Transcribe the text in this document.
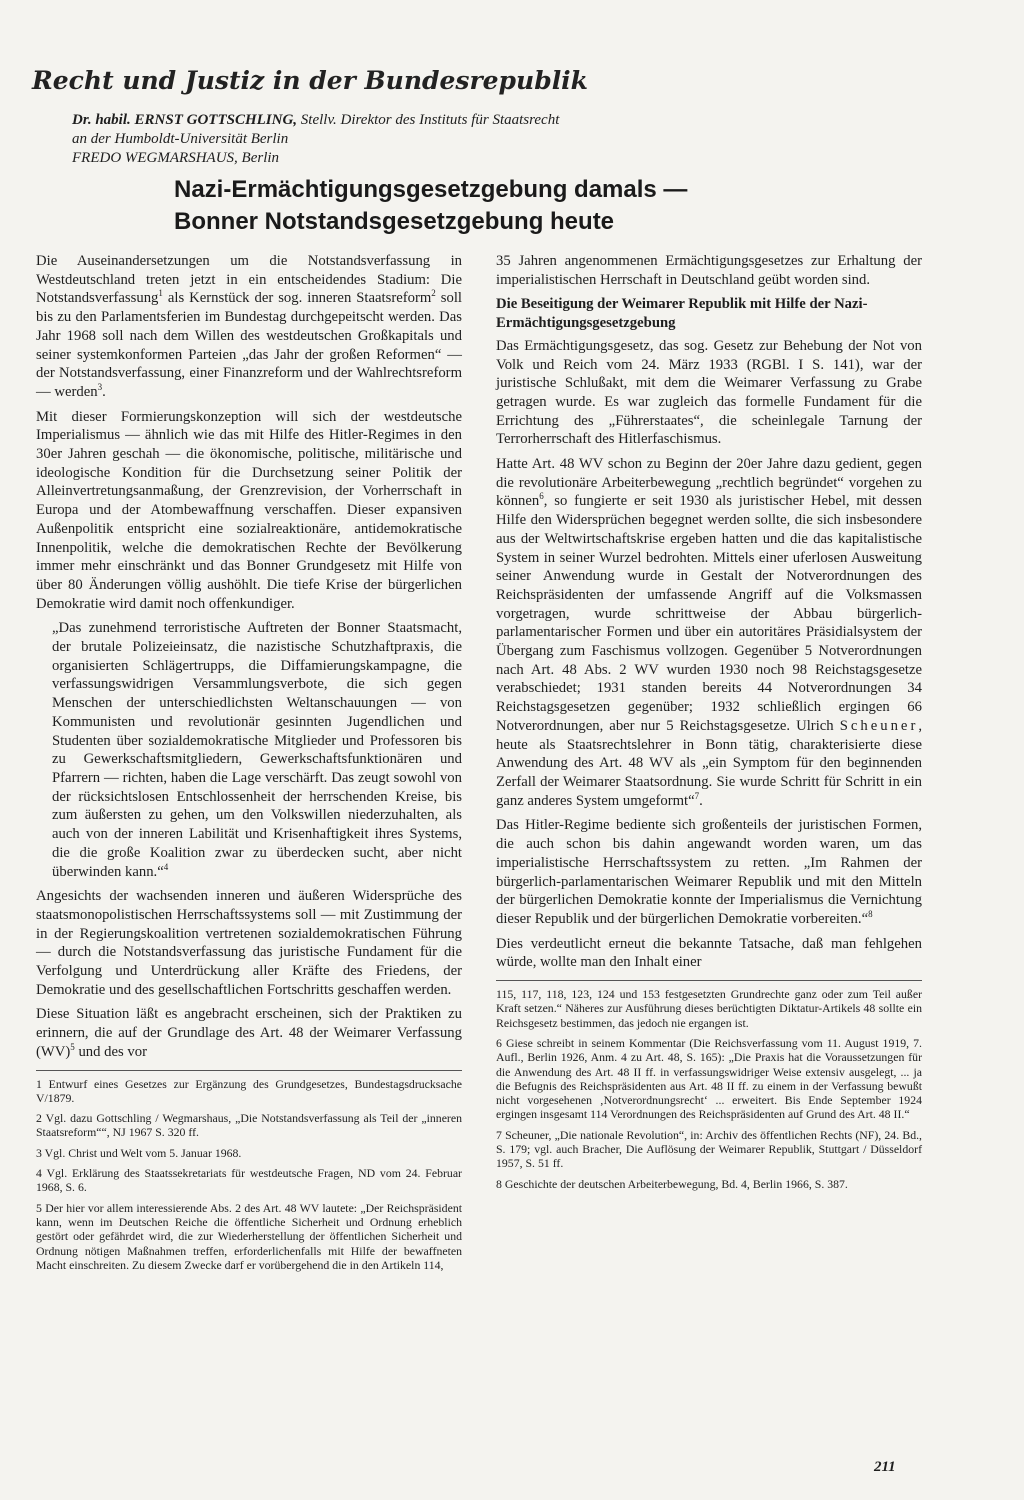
Recht und Justiz in der Bundesrepublik
Dr. habil. ERNST GOTTSCHLING, Stellv. Direktor des Instituts für Staatsrecht
an der Humboldt-Universität Berlin
FREDO WEGMARSHAUS, Berlin
Nazi-Ermächtigungsgesetzgebung damals —
Bonner Notstandsgesetzgebung heute

Die Auseinandersetzungen um die Notstandsverfassung in Westdeutschland treten jetzt in ein entscheidendes Stadium: Die Notstandsverfassung$^1$ als Kernstück der sog. inneren Staatsreform$^2$ soll bis zu den Parlamentsferien im Bundestag durchgepeitscht werden. Das Jahr 1968 soll nach dem Willen des westdeutschen Großkapitals und seiner systemkonformen Parteien „das Jahr der großen Reformen“ — der Notstandsverfassung, einer Finanzreform und der Wahlrechtsreform — werden$^3$.

Mit dieser Formierungskonzeption will sich der westdeutsche Imperialismus — ähnlich wie das mit Hilfe des Hitler-Regimes in den 30er Jahren geschah — die ökonomische, politische, militärische und ideologische Kondition für die Durchsetzung seiner Politik der Alleinvertretungsanmaßung, der Grenzrevision, der Vorherrschaft in Europa und der Atombewaffnung verschaffen. Dieser expansiven Außenpolitik entspricht eine sozialreaktionäre, antidemokratische Innenpolitik, welche die demokratischen Rechte der Bevölkerung immer mehr einschränkt und das Bonner Grundgesetz mit Hilfe von über 80 Änderungen völlig aushöhlt. Die tiefe Krise der bürgerlichen Demokratie wird damit noch offenkundiger.

„Das zunehmend terroristische Auftreten der Bonner Staatsmacht, der brutale Polizeieinsatz, die nazistische Schutzhaftpraxis, die organisierten Schlägertrupps, die Diffamierungskampagne, die verfassungswidrigen Versammlungsverbote, die sich gegen Menschen der unterschiedlichsten Weltanschauungen — von Kommunisten und revolutionär gesinnten Jugendlichen und Studenten über sozialdemokratische Mitglieder und Professoren bis zu Gewerkschaftsmitgliedern, Gewerkschaftsfunktionären und Pfarrern — richten, haben die Lage verschärft. Das zeugt sowohl von der rücksichtslosen Entschlossenheit der herrschenden Kreise, bis zum äußersten zu gehen, um den Volkswillen niederzuhalten, als auch von der inneren Labilität und Krisenhaftigkeit ihres Systems, die die große Koalition zwar zu überdecken sucht, aber nicht überwinden kann.“$^4$

Angesichts der wachsenden inneren und äußeren Widersprüche des staatsmonopolistischen Herrschaftssystems soll — mit Zustimmung der in der Regierungskoalition vertretenen sozialdemokratischen Führung — durch die Notstandsverfassung das juristische Fundament für die Verfolgung und Unterdrückung aller Kräfte des Friedens, der Demokratie und des gesellschaftlichen Fortschritts geschaffen werden.

Diese Situation läßt es angebracht erscheinen, sich der Praktiken zu erinnern, die auf der Grundlage des Art. 48 der Weimarer Verfassung (WV)$^5$ und des vor

1 Entwurf eines Gesetzes zur Ergänzung des Grundgesetzes, Bundestagsdrucksache V/1879.

2 Vgl. dazu Gottschling / Wegmarshaus, „Die Notstandsverfassung als Teil der „inneren Staatsreform““, NJ 1967 S. 320 ff.

3 Vgl. Christ und Welt vom 5. Januar 1968.

4 Vgl. Erklärung des Staatssekretariats für westdeutsche Fragen, ND vom 24. Februar 1968, S. 6.

5 Der hier vor allem interessierende Abs. 2 des Art. 48 WV lautete: „Der Reichspräsident kann, wenn im Deutschen Reiche die öffentliche Sicherheit und Ordnung erheblich gestört oder gefährdet wird, die zur Wiederherstellung der öffentlichen Sicherheit und Ordnung nötigen Maßnahmen treffen, erforderlichenfalls mit Hilfe der bewaffneten Macht einschreiten. Zu diesem Zwecke darf er vorübergehend die in den Artikeln 114,

35 Jahren angenommenen Ermächtigungsgesetzes zur Erhaltung der imperialistischen Herrschaft in Deutschland geübt worden sind.

Die Beseitigung der Weimarer Republik mit Hilfe der Nazi-Ermächtigungsgesetzgebung

Das Ermächtigungsgesetz, das sog. Gesetz zur Behebung der Not von Volk und Reich vom 24. März 1933 (RGBl. I S. 141), war der juristische Schlußakt, mit dem die Weimarer Verfassung zu Grabe getragen wurde. Es war zugleich das formelle Fundament für die Errichtung des „Führerstaates“, die scheinlegale Tarnung der Terrorherrschaft des Hitlerfaschismus.

Hatte Art. 48 WV schon zu Beginn der 20er Jahre dazu gedient, gegen die revolutionäre Arbeiterbewegung „rechtlich begründet“ vorgehen zu können$^6$, so fungierte er seit 1930 als juristischer Hebel, mit dessen Hilfe den Widersprüchen begegnet werden sollte, die sich insbesondere aus der Weltwirtschaftskrise ergeben hatten und die das kapitalistische System in seiner Wurzel bedrohten. Mittels einer uferlosen Ausweitung seiner Anwendung wurde in Gestalt der Notverordnungen des Reichspräsidenten der umfassende Angriff auf die Volksmassen vorgetragen, wurde schrittweise der Abbau bürgerlich-parlamentarischer Formen und über ein autoritäres Präsidialsystem der Übergang zum Faschismus vollzogen. Gegenüber 5 Notverordnungen nach Art. 48 Abs. 2 WV wurden 1930 noch 98 Reichstagsgesetze verabschiedet; 1931 standen bereits 44 Notverordnungen 34 Reichstagsgesetzen gegenüber; 1932 schließlich ergingen 66 Notverordnungen, aber nur 5 Reichstagsgesetze. Ulrich Scheuner, heute als Staatsrechtslehrer in Bonn tätig, charakterisierte diese Anwendung des Art. 48 WV als „ein Symptom für den beginnenden Zerfall der Weimarer Staatsordnung. Sie wurde Schritt für Schritt in ein ganz anderes System umgeformt“$^7$.

Das Hitler-Regime bediente sich großenteils der juristischen Formen, die auch schon bis dahin angewandt worden waren, um das imperialistische Herrschaftssystem zu retten. „Im Rahmen der bürgerlich-parlamentarischen Weimarer Republik und mit den Mitteln der bürgerlichen Demokratie konnte der Imperialismus die Vernichtung dieser Republik und der bürgerlichen Demokratie vorbereiten.“$^8$

Dies verdeutlicht erneut die bekannte Tatsache, daß man fehlgehen würde, wollte man den Inhalt einer

115, 117, 118, 123, 124 und 153 festgesetzten Grundrechte ganz oder zum Teil außer Kraft setzen.“ Näheres zur Ausführung dieses berüchtigten Diktatur-Artikels 48 sollte ein Reichsgesetz bestimmen, das jedoch nie ergangen ist.

6 Giese schreibt in seinem Kommentar (Die Reichsverfassung vom 11. August 1919, 7. Aufl., Berlin 1926, Anm. 4 zu Art. 48, S. 165): „Die Praxis hat die Voraussetzungen für die Anwendung des Art. 48 II ff. in verfassungswidriger Weise extensiv ausgelegt, ... ja die Befugnis des Reichspräsidenten aus Art. 48 II ff. zu einem in der Verfassung bewußt nicht vorgesehenen ‚Notverordnungsrecht‘ ... erweitert. Bis Ende September 1924 ergingen insgesamt 114 Verordnungen des Reichspräsidenten auf Grund des Art. 48 II.“

7 Scheuner, „Die nationale Revolution“, in: Archiv des öffentlichen Rechts (NF), 24. Bd., S. 179; vgl. auch Bracher, Die Auflösung der Weimarer Republik, Stuttgart / Düsseldorf 1957, S. 51 ff.

8 Geschichte der deutschen Arbeiterbewegung, Bd. 4, Berlin 1966, S. 387.

211
